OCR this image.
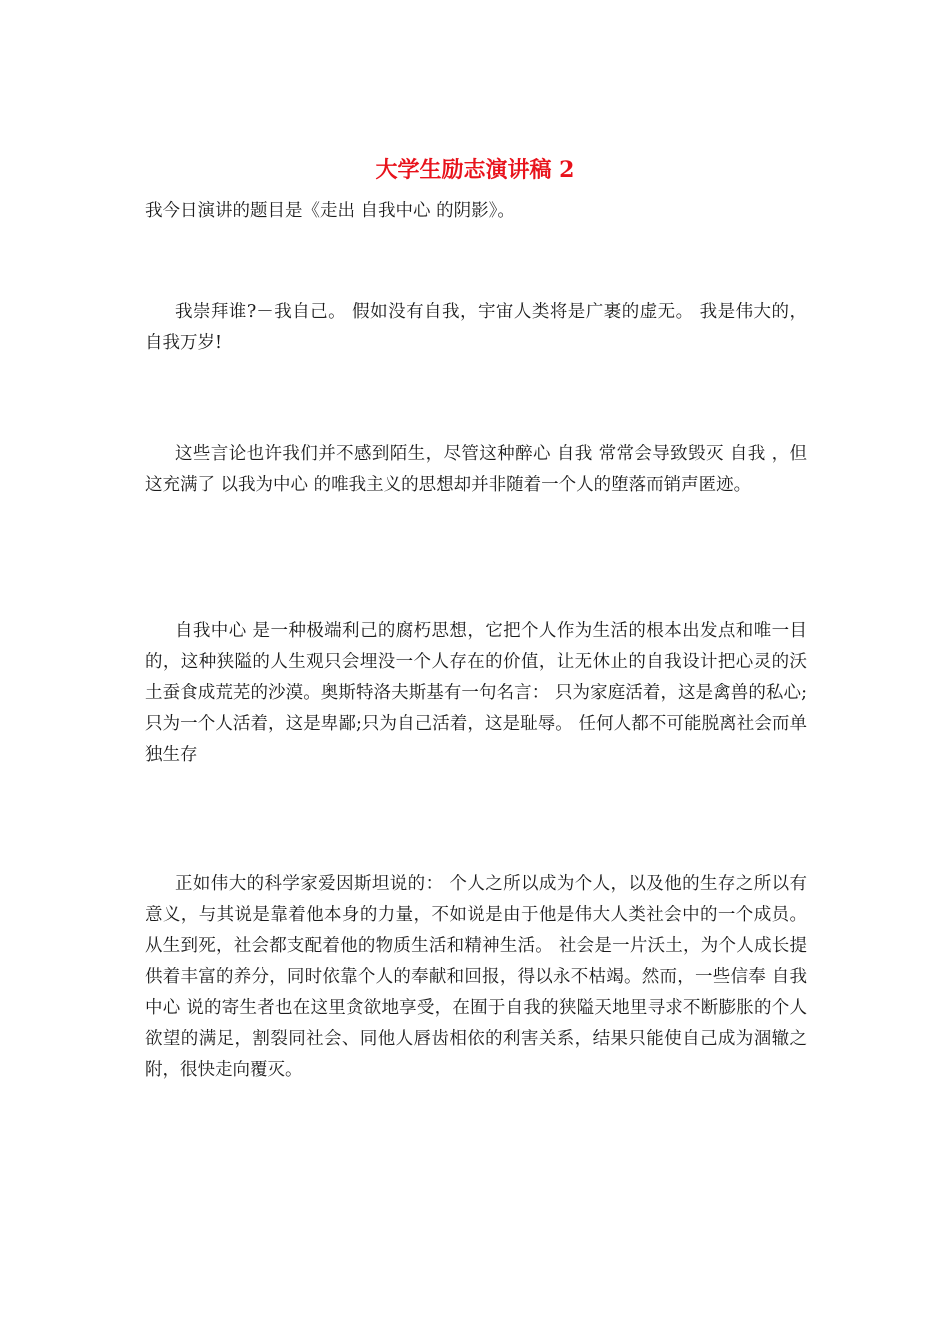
大学生励志演讲稿 2

我今日演讲的题目是《走出 自我中心 的阴影》。

我崇拜谁?－我自己。 假如没有自我，宇宙人类将是广裹的虚无。 我是伟大的，自我万岁!

这些言论也许我们并不感到陌生，尽管这种醉心 自我 常常会导致毁灭 自我 ，但这充满了 以我为中心 的唯我主义的思想却并非随着一个人的堕落而销声匿迹。

自我中心 是一种极端利己的腐朽思想，它把个人作为生活的根本出发点和唯一目的，这种狭隘的人生观只会埋没一个人存在的价值，让无休止的自我设计把心灵的沃土蚕食成荒芜的沙漠。奥斯特洛夫斯基有一句名言： 只为家庭活着，这是禽兽的私心;只为一个人活着，这是卑鄙;只为自己活着，这是耻辱。 任何人都不可能脱离社会而单独生存

正如伟大的科学家爱因斯坦说的： 个人之所以成为个人，以及他的生存之所以有意义，与其说是靠着他本身的力量，不如说是由于他是伟大人类社会中的一个成员。从生到死，社会都支配着他的物质生活和精神生活。 社会是一片沃土，为个人成长提供着丰富的养分，同时依靠个人的奉献和回报，得以永不枯竭。然而，一些信奉 自我中心 说的寄生者也在这里贪欲地享受，在囿于自我的狭隘天地里寻求不断膨胀的个人欲望的满足，割裂同社会、同他人唇齿相依的利害关系，结果只能使自己成为涸辙之附，很快走向覆灭。
